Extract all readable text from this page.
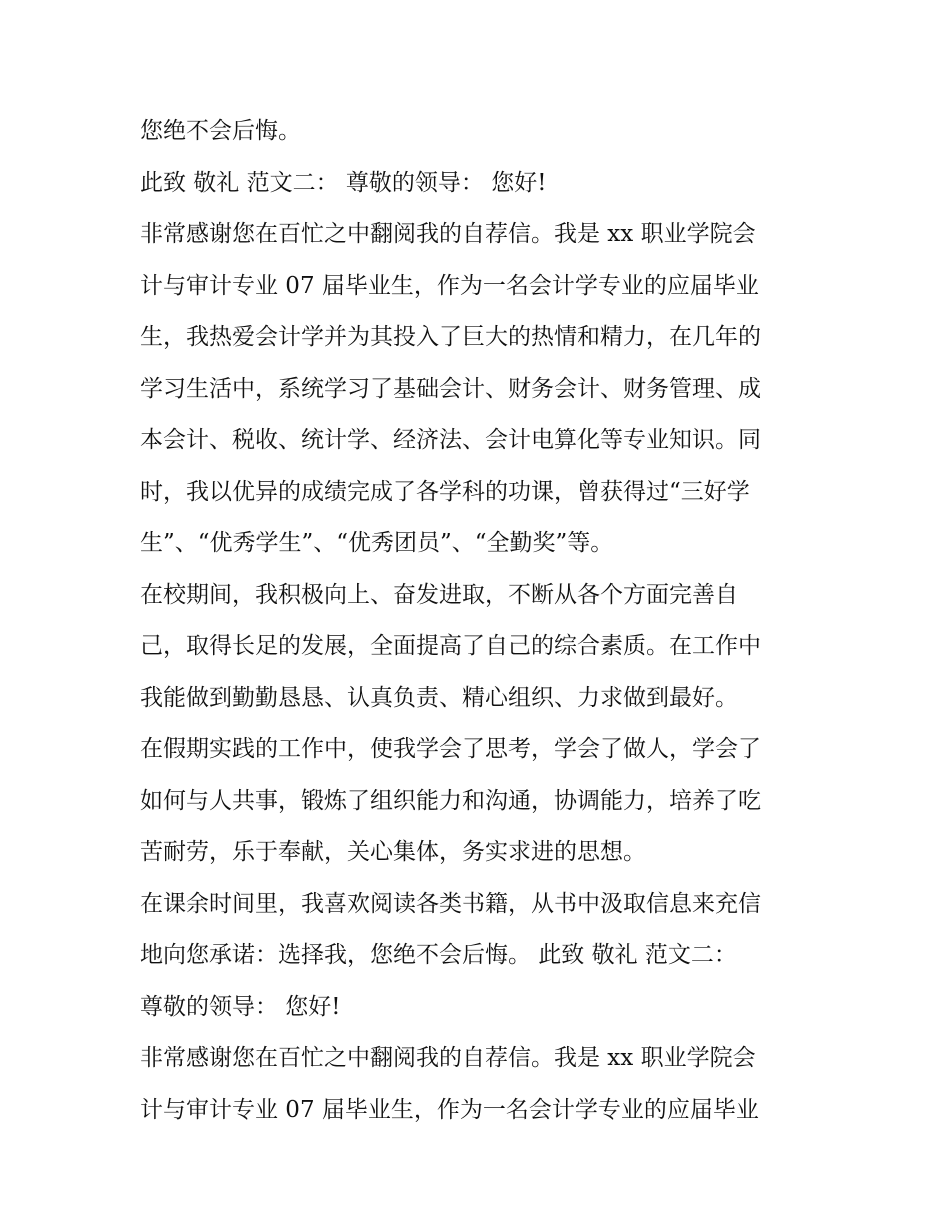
您绝不会后悔。
此致 敬礼 范文二： 尊敬的领导： 您好!
非常感谢您在百忙之中翻阅我的自荐信。我是 xx 职业学院会
计与审计专业 07 届毕业生，作为一名会计学专业的应届毕业
生，我热爱会计学并为其投入了巨大的热情和精力，在几年的
学习生活中，系统学习了基础会计、财务会计、财务管理、成
本会计、税收、统计学、经济法、会计电算化等专业知识。同
时，我以优异的成绩完成了各学科的功课，曾获得过“三好学
生”、“优秀学生”、“优秀团员”、“全勤奖”等。
在校期间，我积极向上、奋发进取，不断从各个方面完善自
己，取得长足的发展，全面提高了自己的综合素质。在工作中
我能做到勤勤恳恳、认真负责、精心组织、力求做到最好。
在假期实践的工作中，使我学会了思考，学会了做人，学会了
如何与人共事，锻炼了组织能力和沟通，协调能力，培养了吃
苦耐劳，乐于奉献，关心集体，务实求进的思想。
在课余时间里，我喜欢阅读各类书籍，从书中汲取信息来充信
地向您承诺：选择我，您绝不会后悔。 此致 敬礼 范文二：
尊敬的领导： 您好!
非常感谢您在百忙之中翻阅我的自荐信。我是 xx 职业学院会
计与审计专业 07 届毕业生，作为一名会计学专业的应届毕业
